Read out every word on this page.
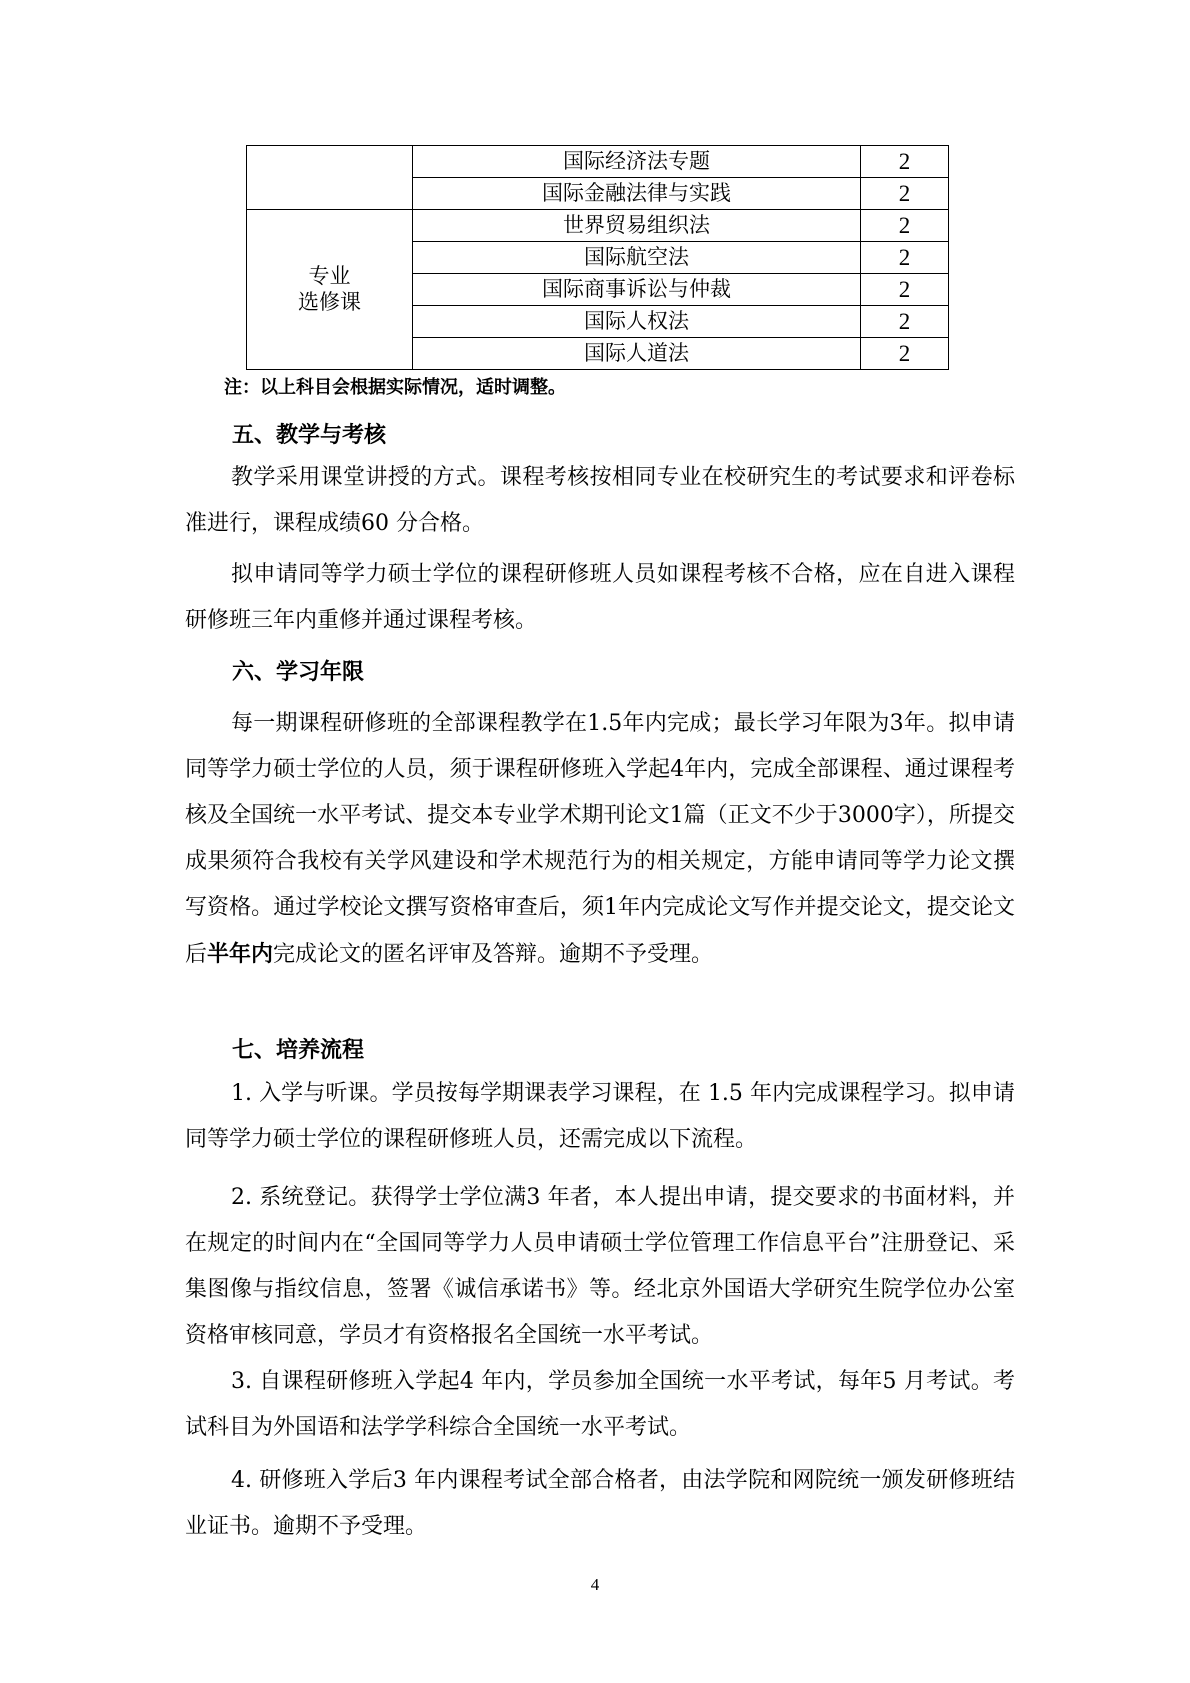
	国际经济法专题	2
	国际金融法律与实践	2

专业
选修课	世界贸易组织法	2
	国际航空法	2
	国际商事诉讼与仲裁	2
	国际人权法	2
	国际人道法	2
注：以上科目会根据实际情况，适时调整。
五、教学与考核
教学采用课堂讲授的方式。课程考核按相同专业在校研究生的考试要求和评卷标准进行，课程成绩60 分合格。
拟申请同等学力硕士学位的课程研修班人员如课程考核不合格，应在自进入课程研修班三年内重修并通过课程考核。
六、学习年限
每一期课程研修班的全部课程教学在1.5年内完成；最长学习年限为3年。拟申请同等学力硕士学位的人员，须于课程研修班入学起4年内，完成全部课程、通过课程考核及全国统一水平考试、提交本专业学术期刊论文1篇（正文不少于3000字），所提交成果须符合我校有关学风建设和学术规范行为的相关规定，方能申请同等学力论文撰写资格。通过学校论文撰写资格审查后，须1年内完成论文写作并提交论文，提交论文后半年内完成论文的匿名评审及答辩。逾期不予受理。
七、培养流程
1. 入学与听课。学员按每学期课表学习课程，在 1.5 年内完成课程学习。拟申请同等学力硕士学位的课程研修班人员，还需完成以下流程。
2. 系统登记。获得学士学位满3 年者，本人提出申请，提交要求的书面材料，并在规定的时间内在“全国同等学力人员申请硕士学位管理工作信息平台”注册登记、采集图像与指纹信息，签署《诚信承诺书》等。经北京外国语大学研究生院学位办公室资格审核同意，学员才有资格报名全国统一水平考试。
3. 自课程研修班入学起4 年内，学员参加全国统一水平考试，每年5 月考试。考试科目为外国语和法学学科综合全国统一水平考试。
4. 研修班入学后3 年内课程考试全部合格者，由法学院和网院统一颁发研修班结业证书。逾期不予受理。
4
